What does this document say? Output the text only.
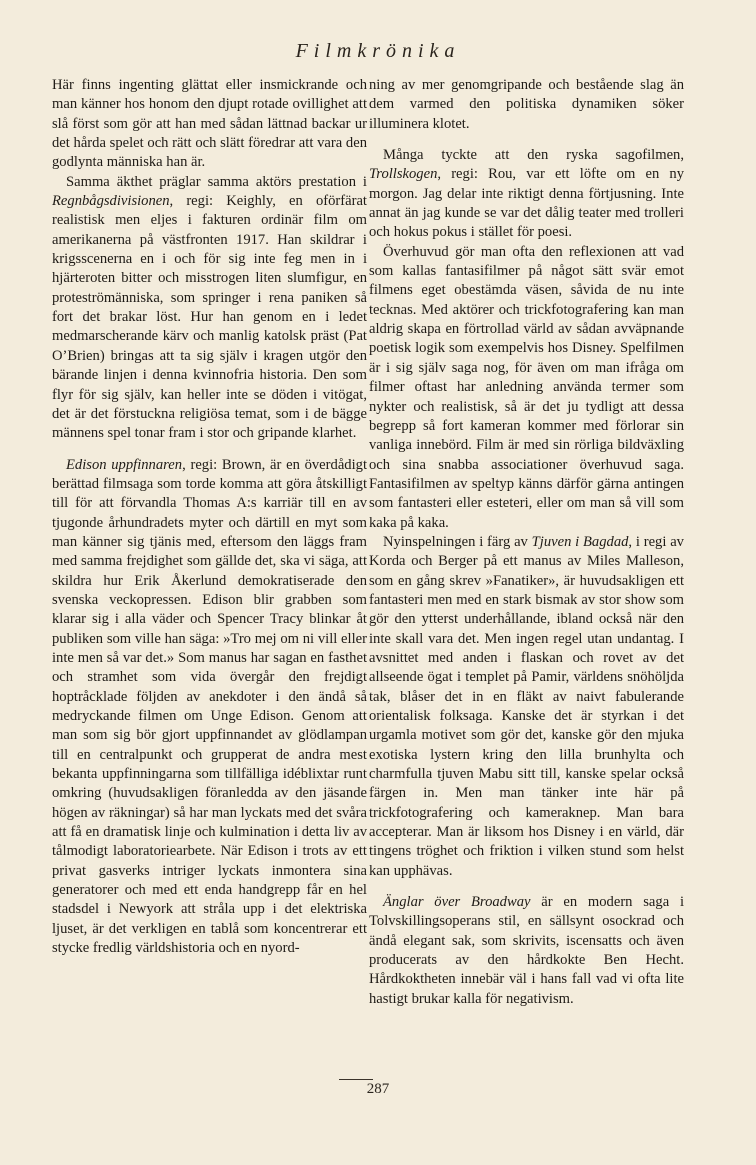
Filmkrönika

Här finns ingenting glättat eller insmickrande och man känner hos honom den djupt rotade ovillighet att slå först som gör att han med sådan lättnad backar ur det hårda spelet och rätt och slätt föredrar att vara den godlynta människa han är.

Samma äkthet präglar samma aktörs prestation i Regnbågsdivisionen, regi: Keighly, en oförfärat realistisk men eljes i fakturen ordinär film om amerikanerna på västfronten 1917. Han skildrar i krigsscenerna en i och för sig inte feg men in i hjärteroten bitter och misstrogen liten slumfigur, en proteströmänniska, som springer i rena paniken så fort det brakar löst. Hur han genom en i ledet medmarscherande kärv och manlig katolsk präst (Pat O’Brien) bringas att ta sig själv i kragen utgör den bärande linjen i denna kvinnofria historia. Den som flyr för sig själv, kan heller inte se döden i vitögat, det är det förstuckna religiösa temat, som i de bägge männens spel tonar fram i stor och gripande klarhet.

Edison uppfinnaren, regi: Brown, är en överdådigt berättad filmsaga som torde komma att göra åtskilligt till för att förvandla Thomas A:s karriär till en av tjugonde århundradets myter och därtill en myt som man känner sig tjänis med, eftersom den läggs fram med samma frejdighet som gällde det, ska vi säga, att skildra hur Erik Åkerlund demokratiserade den svenska veckopressen. Edison blir grabben som klarar sig i alla väder och Spencer Tracy blinkar åt publiken som ville han säga: »Tro mej om ni vill eller inte men så var det.» Som manus har sagan en fasthet och stramhet som vida övergår den frejdigt hoptråcklade följden av anekdoter i den ändå så medryckande filmen om Unge Edison. Genom att man som sig bör gjort uppfinnandet av glödlampan till en centralpunkt och grupperat de andra mest bekanta uppfinningarna som tillfälliga idéblixtar runt omkring (huvudsakligen föranledda av den jäsande högen av räkningar) så har man lyckats med det svåra att få en dramatisk linje och kulmination i detta liv av tålmodigt laboratoriearbete. När Edison i trots av ett privat gasverks intriger lyckats inmontera sina generatorer och med ett enda handgrepp får en hel stadsdel i Newyork att stråla upp i det elektriska ljuset, är det verkligen en tablå som koncentrerar ett stycke fredlig världshistoria och en nyord-

ning av mer genomgripande och bestående slag än dem varmed den politiska dynamiken söker illuminera klotet.

Många tyckte att den ryska sagofilmen, Trollskogen, regi: Rou, var ett löfte om en ny morgon. Jag delar inte riktigt denna förtjusning. Inte annat än jag kunde se var det dålig teater med trolleri och hokus pokus i stället för poesi.

Överhuvud gör man ofta den reflexionen att vad som kallas fantasifilmer på något sätt svär emot filmens eget obestämda väsen, såvida de nu inte tecknas. Med aktörer och trickfotografering kan man aldrig skapa en förtrollad värld av sådan avväpnande poetisk logik som exempelvis hos Disney. Spelfilmen är i sig själv saga nog, för även om man ifråga om filmer oftast har anledning använda termer som nykter och realistisk, så är det ju tydligt att dessa begrepp så fort kameran kommer med förlorar sin vanliga innebörd. Film är med sin rörliga bildväxling och sina snabba associationer överhuvud saga. Fantasifilmen av speltyp känns därför gärna antingen som fantasteri eller esteteri, eller om man så vill som kaka på kaka.

Nyinspelningen i färg av Tjuven i Bagdad, i regi av Korda och Berger på ett manus av Miles Malleson, som en gång skrev »Fanatiker», är huvudsakligen ett fantasteri men med en stark bismak av stor show som gör den ytterst underhållande, ibland också när den inte skall vara det. Men ingen regel utan undantag. I avsnittet med anden i flaskan och rovet av det allseende ögat i templet på Pamir, världens snöhöljda tak, blåser det in en fläkt av naivt fabulerande orientalisk folksaga. Kanske det är styrkan i det urgamla motivet som gör det, kanske gör den mjuka exotiska lystern kring den lilla brunhylta och charmfulla tjuven Mabu sitt till, kanske spelar också färgen in. Men man tänker inte här på trickfotografering och kameraknep. Man bara accepterar. Man är liksom hos Disney i en värld, där tingens tröghet och friktion i vilken stund som helst kan upphävas.

Änglar över Broadway är en modern saga i Tolvskillingsoperans stil, en sällsynt osockrad och ändå elegant sak, som skrivits, iscensatts och även producerats av den hårdkokte Ben Hecht. Hårdkoktheten innebär väl i hans fall vad vi ofta lite hastigt brukar kalla för negativism.

287
